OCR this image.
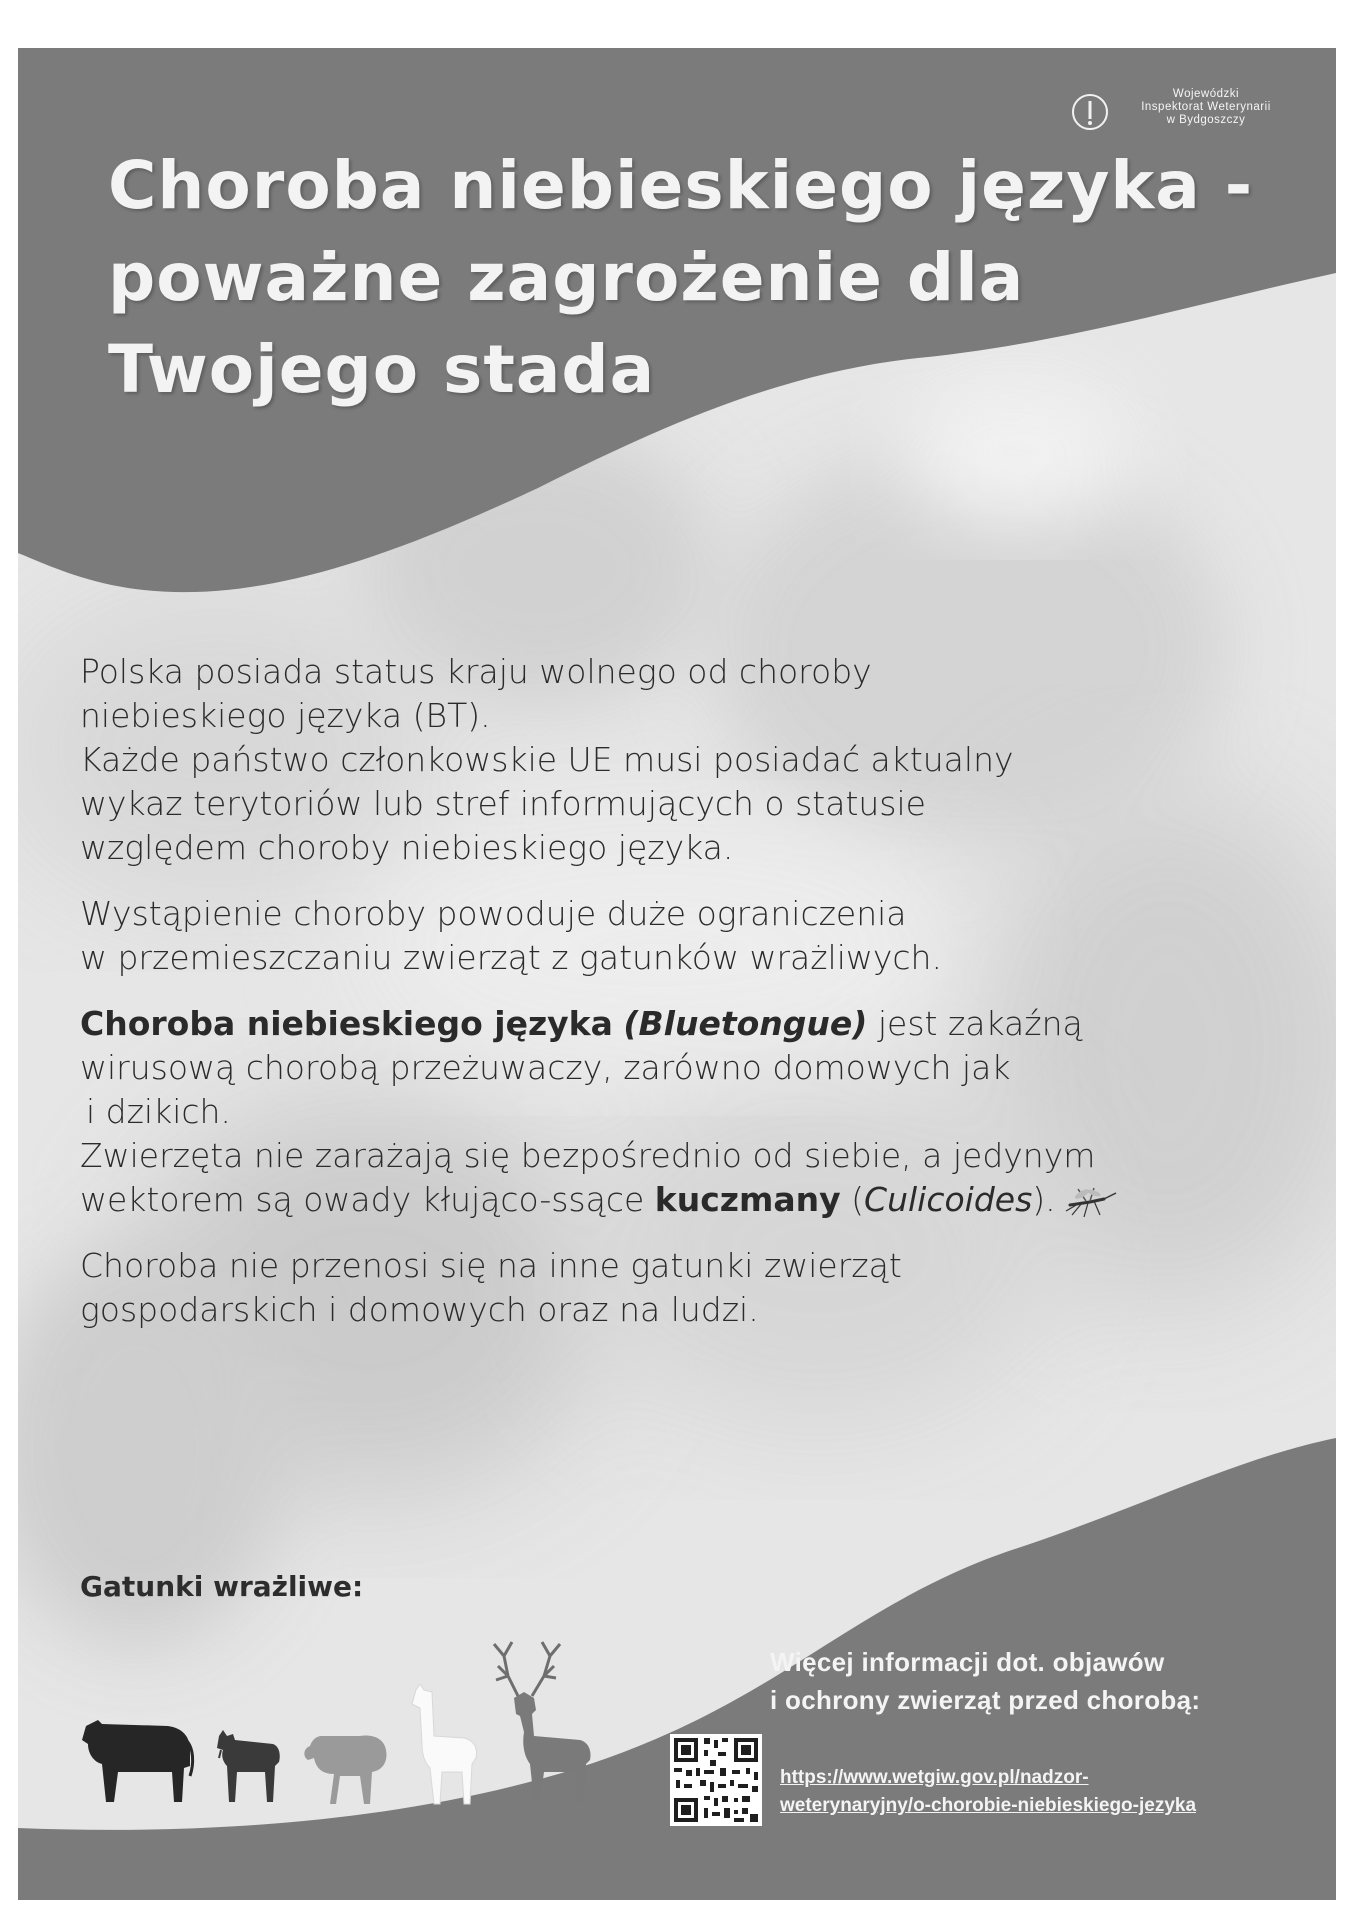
Wojewódzki
Inspektorat Weterynarii
w Bydgoszczy
Choroba niebieskiego języka -
poważne zagrożenie dla
Twojego stada

Polska posiada status kraju wolnego od choroby

niebieskiego języka (BT).

Każde państwo członkowskie UE musi posiadać aktualny

wykaz terytoriów lub stref informujących o statusie

względem choroby niebieskiego języka.

Wystąpienie choroby powoduje duże ograniczenia

w przemieszczaniu zwierząt z gatunków wrażliwych.

Choroba niebieskiego języka (Bluetongue) jest zakaźną

wirusową chorobą przeżuwaczy, zarówno domowych jak

i dzikich.

Zwierzęta nie zarażają się bezpośrednio od siebie, a jedynym

wektorem są owady kłująco-ssące kuczmany (Culicoides).

Choroba nie przenosi się na inne gatunki zwierząt

gospodarskich i domowych oraz na ludzi.

Gatunki wrażliwe:
Więcej informacji dot. objawów
i ochrony zwierząt przed chorobą:
https://www.wetgiw.gov.pl/nadzor-
weterynaryjny/o-chorobie-niebieskiego-jezyka
